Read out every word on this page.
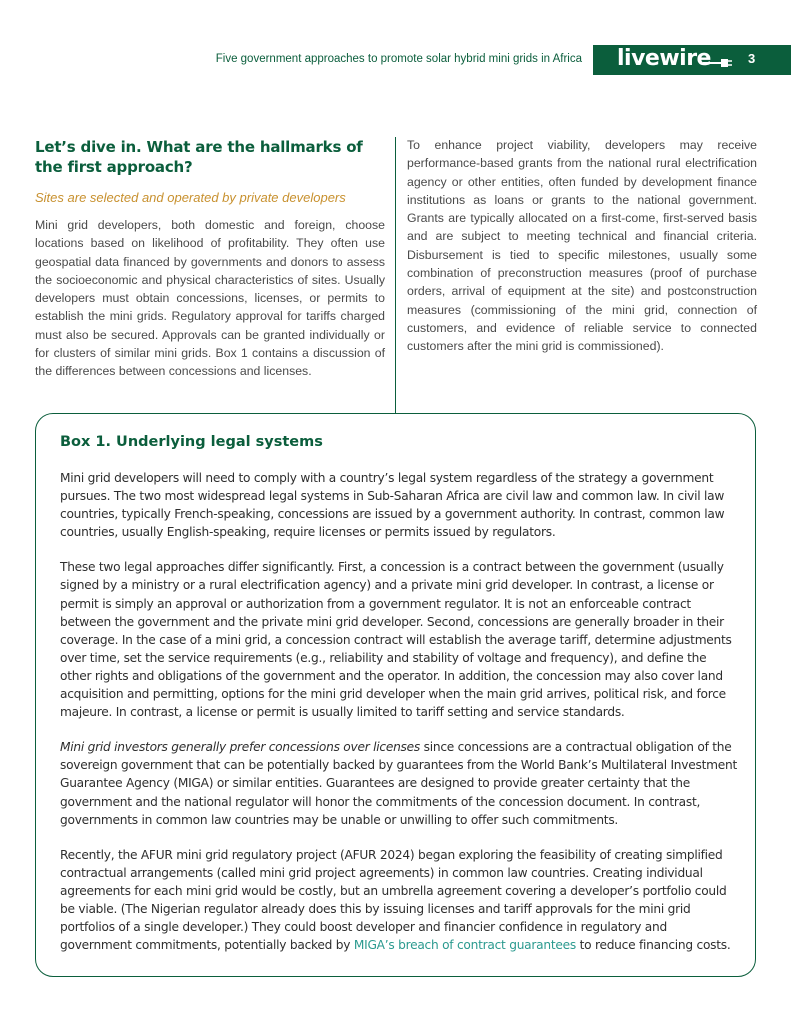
Five government approaches to promote solar hybrid mini grids in Africa livewire	3
Let’s dive in. What are the hallmarks of the first approach?
Sites are selected and operated by private developers

Mini grid developers, both domestic and foreign, choose locations based on likelihood of profitability. They often use geospatial data financed by governments and donors to assess the socioeconomic and physical characteristics of sites. Usually developers must obtain concessions, licenses, or permits to establish the mini grids. Regulatory approval for tariffs charged must also be secured. Approvals can be granted individually or for clusters of similar mini grids. Box 1 contains a discussion of the differences between concessions and licenses.

To enhance project viability, developers may receive performance-based grants from the national rural electrification agency or other entities, often funded by development finance institutions as loans or grants to the national government. Grants are typically allocated on a first-come, first-served basis and are subject to meeting technical and financial criteria. Disbursement is tied to specific milestones, usually some combination of preconstruction measures (proof of purchase orders, arrival of equipment at the site) and postconstruction measures (commissioning of the mini grid, connection of customers, and evidence of reliable service to connected customers after the mini grid is commissioned).

Box 1. Underlying legal systems

Mini grid developers will need to comply with a country’s legal system regardless of the strategy a government pursues. The two most widespread legal systems in Sub-Saharan Africa are civil law and common law. In civil law countries, typically French-speaking, concessions are issued by a government authority. In contrast, common law countries, usually English-speaking, require licenses or permits issued by regulators.

These two legal approaches differ significantly. First, a concession is a contract between the government (usually signed by a ministry or a rural electrification agency) and a private mini grid developer. In contrast, a license or permit is simply an approval or authorization from a government regulator. It is not an enforceable contract between the government and the private mini grid developer. Second, concessions are generally broader in their coverage. In the case of a mini grid, a concession contract will establish the average tariff, determine adjustments over time, set the service requirements (e.g., reliability and stability of voltage and frequency), and define the other rights and obligations of the government and the operator. In addition, the concession may also cover land acquisition and permitting, options for the mini grid developer when the main grid arrives, political risk, and force majeure. In contrast, a license or permit is usually limited to tariff setting and service standards.

Mini grid investors generally prefer concessions over licenses since concessions are a contractual obligation of the sovereign government that can be potentially backed by guarantees from the World Bank’s Multilateral Investment Guarantee Agency (MIGA) or similar entities. Guarantees are designed to provide greater certainty that the government and the national regulator will honor the commitments of the concession document. In contrast, governments in common law countries may be unable or unwilling to offer such commitments.

Recently, the AFUR mini grid regulatory project (AFUR 2024) began exploring the feasibility of creating simplified contractual arrangements (called mini grid project agreements) in common law countries. Creating individual agreements for each mini grid would be costly, but an umbrella agreement covering a developer’s portfolio could be viable. (The Nigerian regulator already does this by issuing licenses and tariff approvals for the mini grid portfolios of a single developer.) They could boost developer and financier confidence in regulatory and government commitments, potentially backed by MIGA’s breach of contract guarantees to reduce financing costs.
